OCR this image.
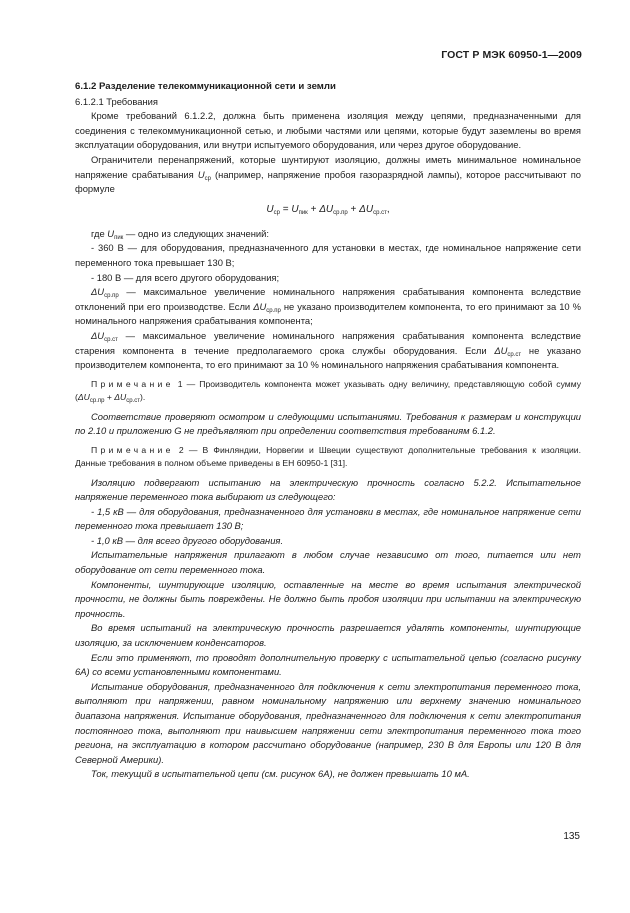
ГОСТ Р МЭК 60950-1—2009

6.1.2 Разделение телекоммуникационной сети и земли

6.1.2.1 Требования

Кроме требований 6.1.2.2, должна быть применена изоляция между цепями, предназначенными для соединения с телекоммуникационной сетью, и любыми частями или цепями, которые будут заземлены во время эксплуатации оборудования, или внутри испытуемого оборудования, или через другое оборудование.

Ограничители перенапряжений, которые шунтируют изоляцию, должны иметь минимальное номинальное напряжение срабатывания $U_{ср}$ (например, напряжение пробоя газоразрядной лампы), которое рассчитывают по формуле

$U_{ср} = U_{пик} + \Delta U_{ср.пр} + \Delta U_{ср.ст}$,

где $U_{пик}$ — одно из следующих значений:

- 360 В — для оборудования, предназначенного для установки в местах, где номинальное напряжение сети переменного тока превышает 130 В;

- 180 В — для всего другого оборудования;

$\Delta U_{ср.пр}$ — максимальное увеличение номинального напряжения срабатывания компонента вследствие отклонений при его производстве. Если $\Delta U_{ср.пр}$ не указано производителем компонента, то его принимают за 10 % номинального напряжения срабатывания компонента;

$\Delta U_{ср.ст}$ — максимальное увеличение номинального напряжения срабатывания компонента вследствие старения компонента в течение предполагаемого срока службы оборудования. Если $\Delta U_{ср.ст}$ не указано производителем компонента, то его принимают за 10 % номинального напряжения срабатывания компонента.

Примечание 1 — Производитель компонента может указывать одну величину, представляющую собой сумму $(\Delta U_{ср.пр} + \Delta U_{ср.ст})$.

Соответствие проверяют осмотром и следующими испытаниями. Требования к размерам и конструкции по 2.10 и приложению G не предъявляют при определении соответствия требованиям 6.1.2.

Примечание 2 — В Финляндии, Норвегии и Швеции существуют дополнительные требования к изоляции. Данные требования в полном объеме приведены в ЕН 60950-1 [31].

Изоляцию подвергают испытанию на электрическую прочность согласно 5.2.2. Испытательное напряжение переменного тока выбирают из следующего:

- 1,5 кВ — для оборудования, предназначенного для установки в местах, где номинальное напряжение сети переменного тока превышает 130 В;

- 1,0 кВ — для всего другого оборудования.

Испытательные напряжения прилагают в любом случае независимо от того, питается или нет оборудование от сети переменного тока.

Компоненты, шунтирующие изоляцию, оставленные на месте во время испытания электрической прочности, не должны быть повреждены. Не должно быть пробоя изоляции при испытании на электрическую прочность.

Во время испытаний на электрическую прочность разрешается удалять компоненты, шунтирующие изоляцию, за исключением конденсаторов.

Если это применяют, то проводят дополнительную проверку с испытательной цепью (согласно рисунку 6A) со всеми установленными компонентами.

Испытание оборудования, предназначенного для подключения к сети электропитания переменного тока, выполняют при напряжении, равном номинальному напряжению или верхнему значению номинального диапазона напряжения. Испытание оборудования, предназначенного для подключения к сети электропитания постоянного тока, выполняют при наивысшем напряжении сети электропитания переменного тока того региона, на эксплуатацию в котором рассчитано оборудование (например, 230 В для Европы или 120 В для Северной Америки).

Ток, текущий в испытательной цепи (см. рисунок 6A), не должен превышать 10 мА.

135
